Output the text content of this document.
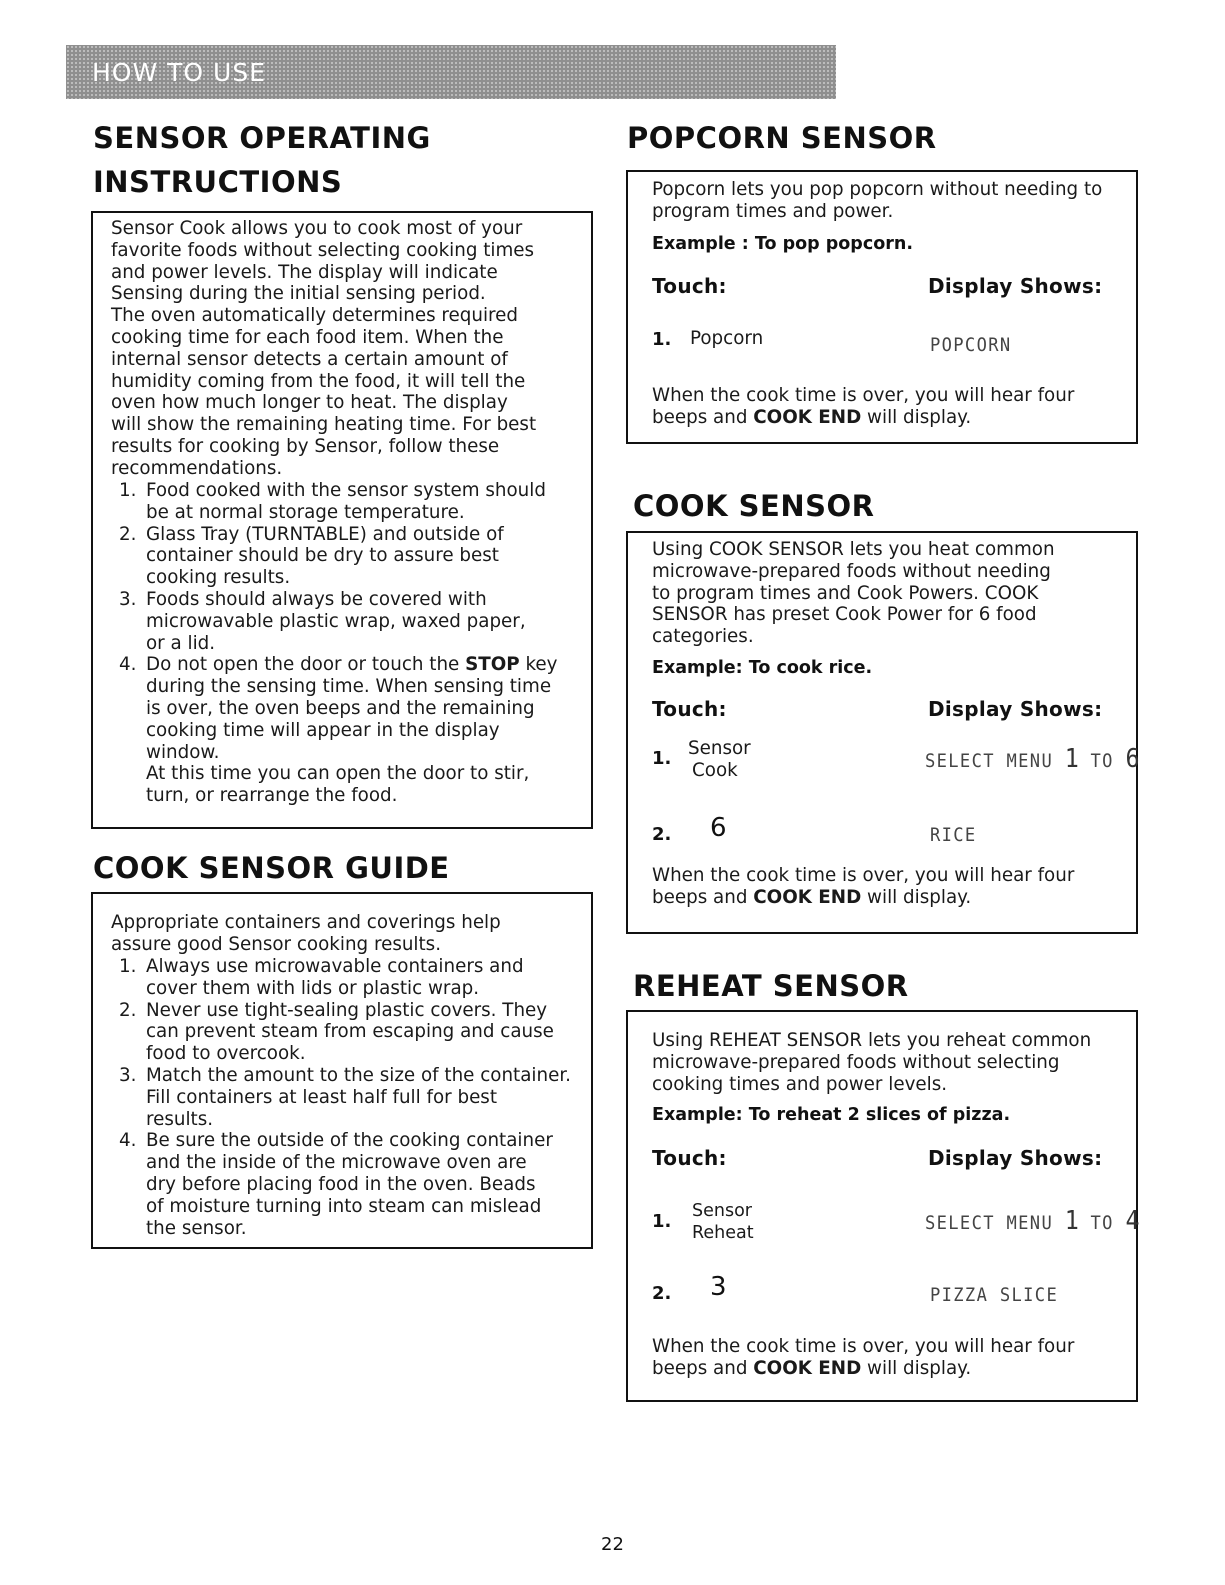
HOW TO USE
SENSOR OPERATING
INSTRUCTIONS
Sensor Cook allows you to cook most of your
favorite foods without selecting cooking times
and power levels. The display will indicate
Sensing during the initial sensing period.
The oven automatically determines required
cooking time for each food item. When the
internal sensor detects a certain amount of
humidity coming from the food, it will tell the
oven how much longer to heat. The display
will show the remaining heating time. For best
results for cooking by Sensor, follow these
recommendations.
1. Food cooked with the sensor system should
be at normal storage temperature.
2. Glass Tray (TURNTABLE) and outside of
container should be dry to assure best
cooking results.
3. Foods should always be covered with
microwavable plastic wrap, waxed paper,
or a lid.
4. Do not open the door or touch the STOP key
during the sensing time. When sensing time
is over, the oven beeps and the remaining
cooking time will appear in the display
window.
At this time you can open the door to stir,
turn, or rearrange the food.
COOK SENSOR GUIDE
Appropriate containers and coverings help
assure good Sensor cooking results.
1. Always use microwavable containers and
cover them with lids or plastic wrap.
2. Never use tight-sealing plastic covers. They
can prevent steam from escaping and cause
food to overcook.
3. Match the amount to the size of the container.
Fill containers at least half full for best
results.
4. Be sure the outside of the cooking container
and the inside of the microwave oven are
dry before placing food in the oven. Beads
of moisture turning into steam can mislead
the sensor.
POPCORN SENSOR
Popcorn lets you pop popcorn without needing to
program times and power.
Example : To pop popcorn.
Touch:	Display Shows:
1. Popcorn	POPCORN
When the cook time is over, you will hear four
beeps and COOK END will display.
COOK SENSOR
Using COOK SENSOR lets you heat common
microwave-prepared foods without needing
to program times and Cook Powers. COOK
SENSOR has preset Cook Power for 6 food
categories.
Example: To cook rice.
Touch:	Display Shows:
1. Sensor
Cook	SELECT MENU 1 TO 6
2. 6	RICE
When the cook time is over, you will hear four
beeps and COOK END will display.
REHEAT SENSOR
Using REHEAT SENSOR lets you reheat common
microwave-prepared foods without selecting
cooking times and power levels.
Example: To reheat 2 slices of pizza.
Touch:	Display Shows:
1. Sensor
Reheat	SELECT MENU 1 TO 4
2. 3	PIZZA SLICE
When the cook time is over, you will hear four
beeps and COOK END will display.
22
